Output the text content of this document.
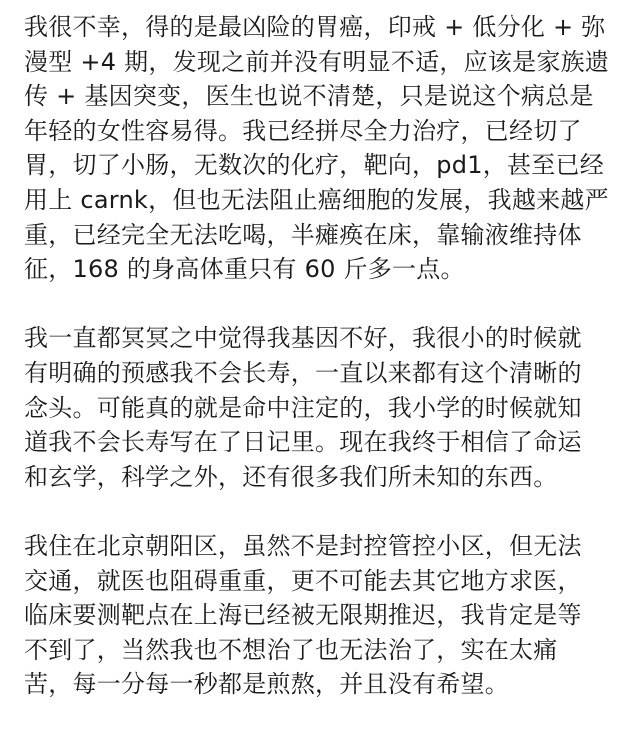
我很不幸，得的是最凶险的胃癌，印戒 + 低分化 + 弥
漫型 +4 期，发现之前并没有明显不适，应该是家族遗
传 + 基因突变，医生也说不清楚，只是说这个病总是
年轻的女性容易得。我已经拼尽全力治疗，已经切了
胃，切了小肠，无数次的化疗，靶向，pd1，甚至已经
用上 carnk，但也无法阻止癌细胞的发展，我越来越严
重，已经完全无法吃喝，半瘫痪在床，靠输液维持体
征，168 的身高体重只有 60 斤多一点。
我一直都冥冥之中觉得我基因不好，我很小的时候就
有明确的预感我不会长寿，一直以来都有这个清晰的
念头。可能真的就是命中注定的，我小学的时候就知
道我不会长寿写在了日记里。现在我终于相信了命运
和玄学，科学之外，还有很多我们所未知的东西。
我住在北京朝阳区，虽然不是封控管控小区，但无法
交通，就医也阻碍重重，更不可能去其它地方求医，
临床要测靶点在上海已经被无限期推迟，我肯定是等
不到了，当然我也不想治了也无法治了，实在太痛
苦，每一分每一秒都是煎熬，并且没有希望。
